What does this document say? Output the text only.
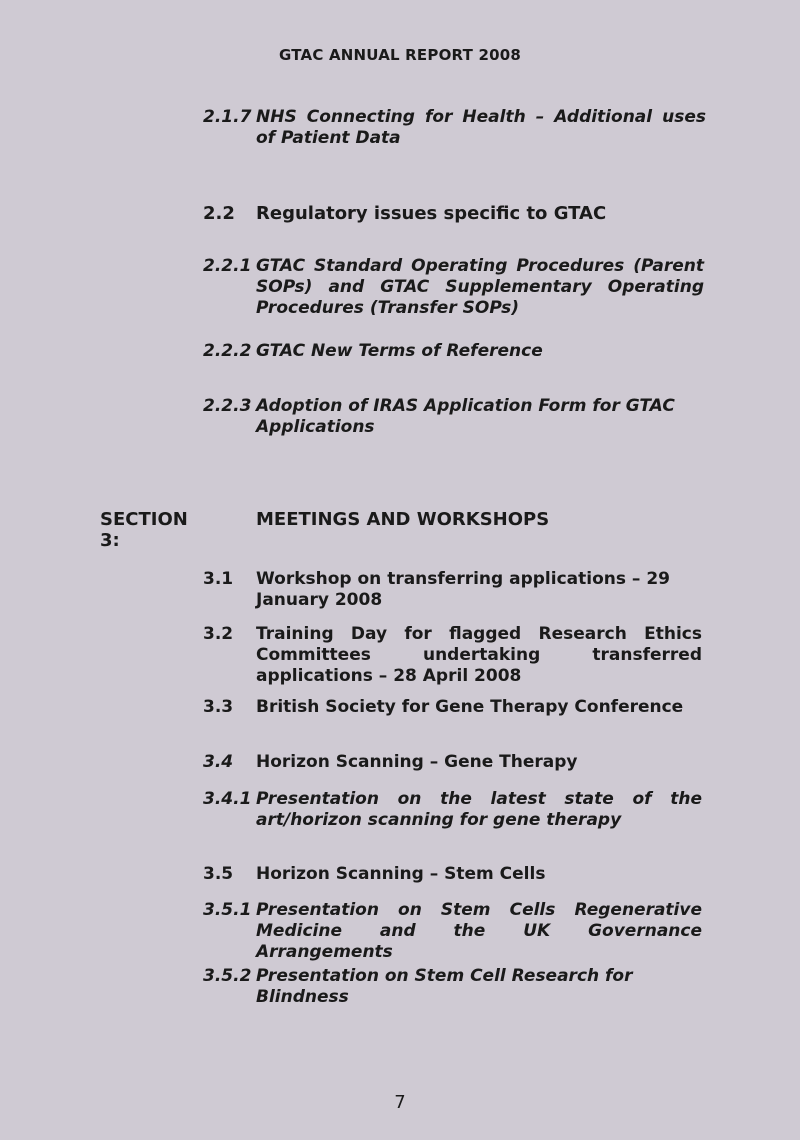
GTAC ANNUAL REPORT 2008
2.1.7 NHS Connecting for Health – Additional uses of Patient Data
2.2 Regulatory issues specific to GTAC
2.2.1 GTAC Standard Operating Procedures (Parent SOPs) and GTAC Supplementary Operating Procedures (Transfer SOPs)
2.2.2 GTAC New Terms of Reference
2.2.3 Adoption of IRAS Application Form for GTAC Applications
SECTION 3:
MEETINGS AND WORKSHOPS
3.1 Workshop on transferring applications – 29 January 2008
3.2 Training Day for flagged Research Ethics Committees undertaking transferred applications – 28 April 2008
3.3 British Society for Gene Therapy Conference
3.4 Horizon Scanning – Gene Therapy
3.4.1 Presentation on the latest state of the art/horizon scanning for gene therapy
3.5 Horizon Scanning – Stem Cells
3.5.1 Presentation on Stem Cells Regenerative Medicine and the UK Governance Arrangements
3.5.2 Presentation on Stem Cell Research for Blindness
7
